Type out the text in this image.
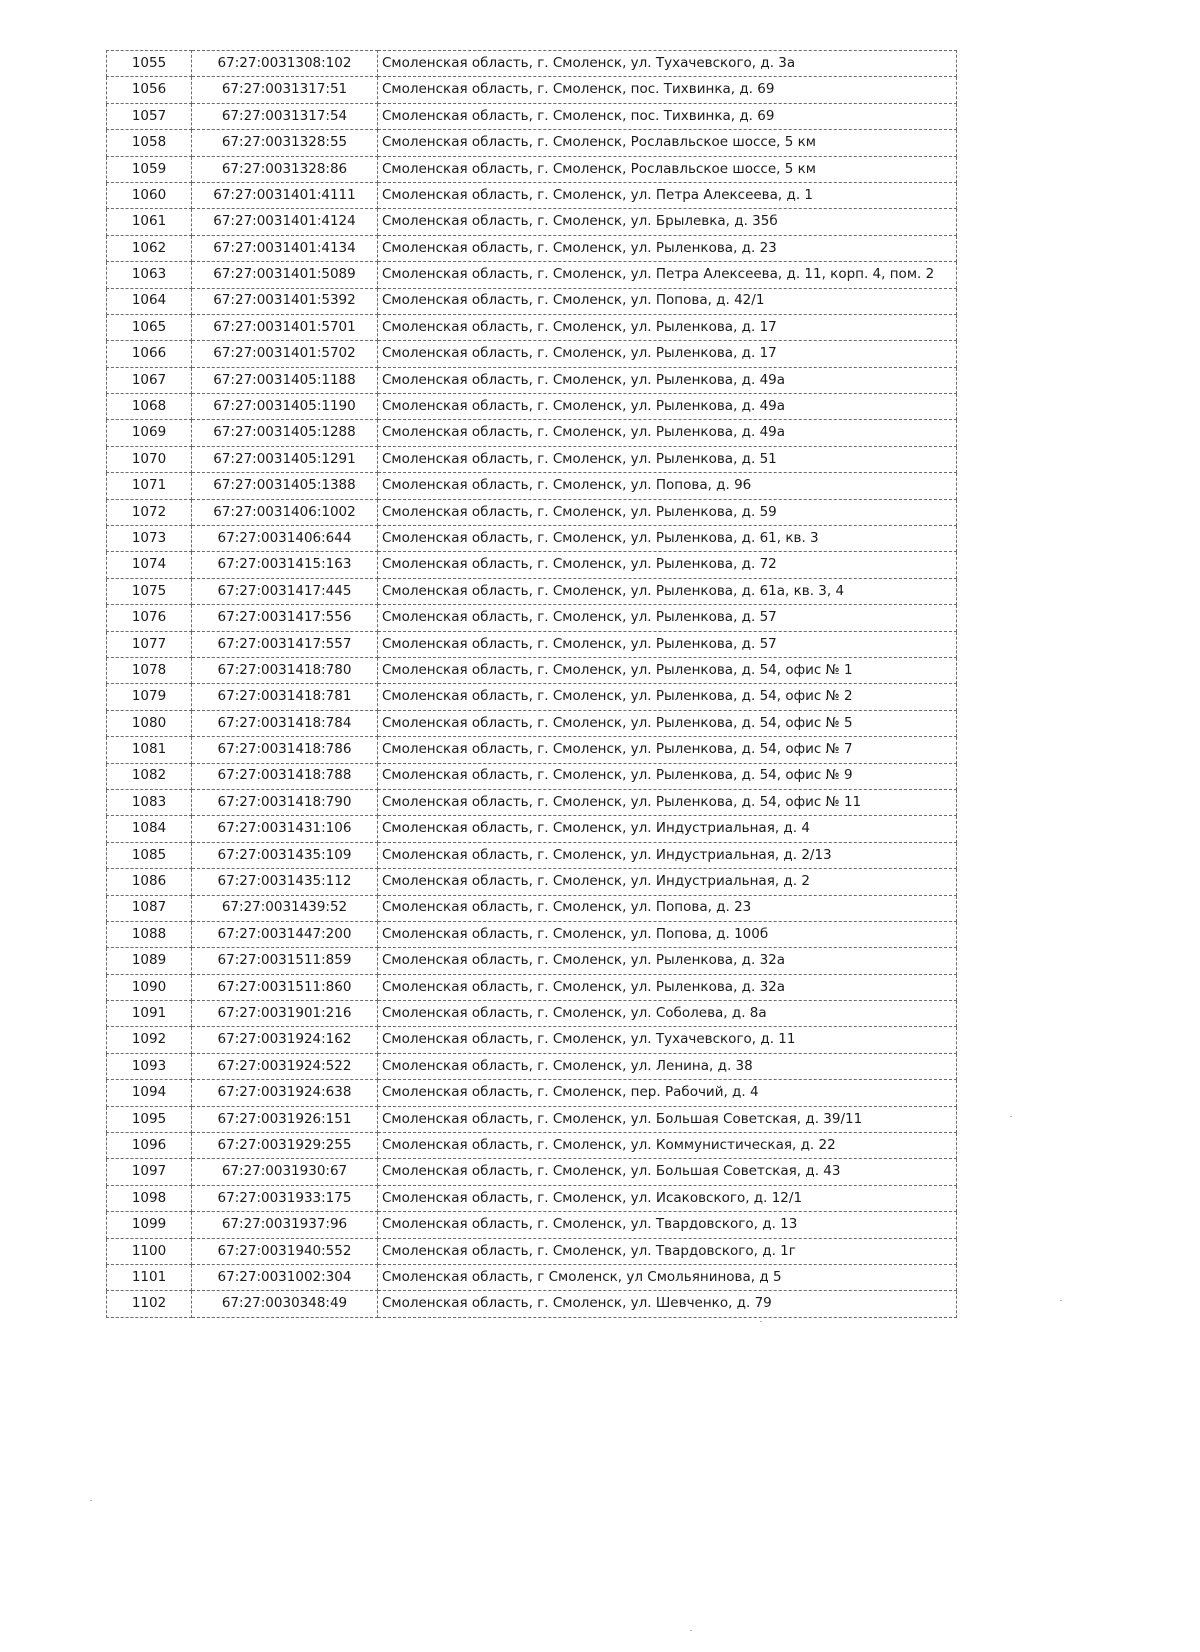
1055	67:27:0031308:102	Смоленская область, г. Смоленск, ул. Тухачевского, д. 3а
1056	67:27:0031317:51	Смоленская область, г. Смоленск, пос. Тихвинка, д. 69
1057	67:27:0031317:54	Смоленская область, г. Смоленск, пос. Тихвинка, д. 69
1058	67:27:0031328:55	Смоленская область, г. Смоленск, Рославльское шоссе, 5 км
1059	67:27:0031328:86	Смоленская область, г. Смоленск, Рославльское шоссе, 5 км
1060	67:27:0031401:4111	Смоленская область, г. Смоленск, ул. Петра Алексеева, д. 1
1061	67:27:0031401:4124	Смоленская область, г. Смоленск, ул. Брылевка, д. 35б
1062	67:27:0031401:4134	Смоленская область, г. Смоленск, ул. Рыленкова, д. 23
1063	67:27:0031401:5089	Смоленская область, г. Смоленск, ул. Петра Алексеева, д. 11, корп. 4, пом. 2
1064	67:27:0031401:5392	Смоленская область, г. Смоленск, ул. Попова, д. 42/1
1065	67:27:0031401:5701	Смоленская область, г. Смоленск, ул. Рыленкова, д. 17
1066	67:27:0031401:5702	Смоленская область, г. Смоленск, ул. Рыленкова, д. 17
1067	67:27:0031405:1188	Смоленская область, г. Смоленск, ул. Рыленкова, д. 49а
1068	67:27:0031405:1190	Смоленская область, г. Смоленск, ул. Рыленкова, д. 49а
1069	67:27:0031405:1288	Смоленская область, г. Смоленск, ул. Рыленкова, д. 49а
1070	67:27:0031405:1291	Смоленская область, г. Смоленск, ул. Рыленкова, д. 51
1071	67:27:0031405:1388	Смоленская область, г. Смоленск, ул. Попова, д. 96
1072	67:27:0031406:1002	Смоленская область, г. Смоленск, ул. Рыленкова, д. 59
1073	67:27:0031406:644	Смоленская область, г. Смоленск, ул. Рыленкова, д. 61, кв. 3
1074	67:27:0031415:163	Смоленская область, г. Смоленск, ул. Рыленкова, д. 72
1075	67:27:0031417:445	Смоленская область, г. Смоленск, ул. Рыленкова, д. 61а, кв. 3, 4
1076	67:27:0031417:556	Смоленская область, г. Смоленск, ул. Рыленкова, д. 57
1077	67:27:0031417:557	Смоленская область, г. Смоленск, ул. Рыленкова, д. 57
1078	67:27:0031418:780	Смоленская область, г. Смоленск, ул. Рыленкова, д. 54, офис № 1
1079	67:27:0031418:781	Смоленская область, г. Смоленск, ул. Рыленкова, д. 54, офис № 2
1080	67:27:0031418:784	Смоленская область, г. Смоленск, ул. Рыленкова, д. 54, офис № 5
1081	67:27:0031418:786	Смоленская область, г. Смоленск, ул. Рыленкова, д. 54, офис № 7
1082	67:27:0031418:788	Смоленская область, г. Смоленск, ул. Рыленкова, д. 54, офис № 9
1083	67:27:0031418:790	Смоленская область, г. Смоленск, ул. Рыленкова, д. 54, офис № 11
1084	67:27:0031431:106	Смоленская область, г. Смоленск, ул. Индустриальная, д. 4
1085	67:27:0031435:109	Смоленская область, г. Смоленск, ул. Индустриальная, д. 2/13
1086	67:27:0031435:112	Смоленская область, г. Смоленск, ул. Индустриальная, д. 2
1087	67:27:0031439:52	Смоленская область, г. Смоленск, ул. Попова, д. 23
1088	67:27:0031447:200	Смоленская область, г. Смоленск, ул. Попова, д. 100б
1089	67:27:0031511:859	Смоленская область, г. Смоленск, ул. Рыленкова, д. 32а
1090	67:27:0031511:860	Смоленская область, г. Смоленск, ул. Рыленкова, д. 32а
1091	67:27:0031901:216	Смоленская область, г. Смоленск, ул. Соболева, д. 8а
1092	67:27:0031924:162	Смоленская область, г. Смоленск, ул. Тухачевского, д. 11
1093	67:27:0031924:522	Смоленская область, г. Смоленск, ул. Ленина, д. 38
1094	67:27:0031924:638	Смоленская область, г. Смоленск, пер. Рабочий, д. 4
1095	67:27:0031926:151	Смоленская область, г. Смоленск, ул. Большая Советская, д. 39/11
1096	67:27:0031929:255	Смоленская область, г. Смоленск, ул. Коммунистическая, д. 22
1097	67:27:0031930:67	Смоленская область, г. Смоленск, ул. Большая Советская, д. 43
1098	67:27:0031933:175	Смоленская область, г. Смоленск, ул. Исаковского, д. 12/1
1099	67:27:0031937:96	Смоленская область, г. Смоленск, ул. Твардовского, д. 13
1100	67:27:0031940:552	Смоленская область, г. Смоленск, ул. Твардовского, д. 1г
1101	67:27:0031002:304	Смоленская область, г Смоленск, ул Смольянинова, д 5
1102	67:27:0030348:49	Смоленская область, г. Смоленск, ул. Шевченко, д. 79
